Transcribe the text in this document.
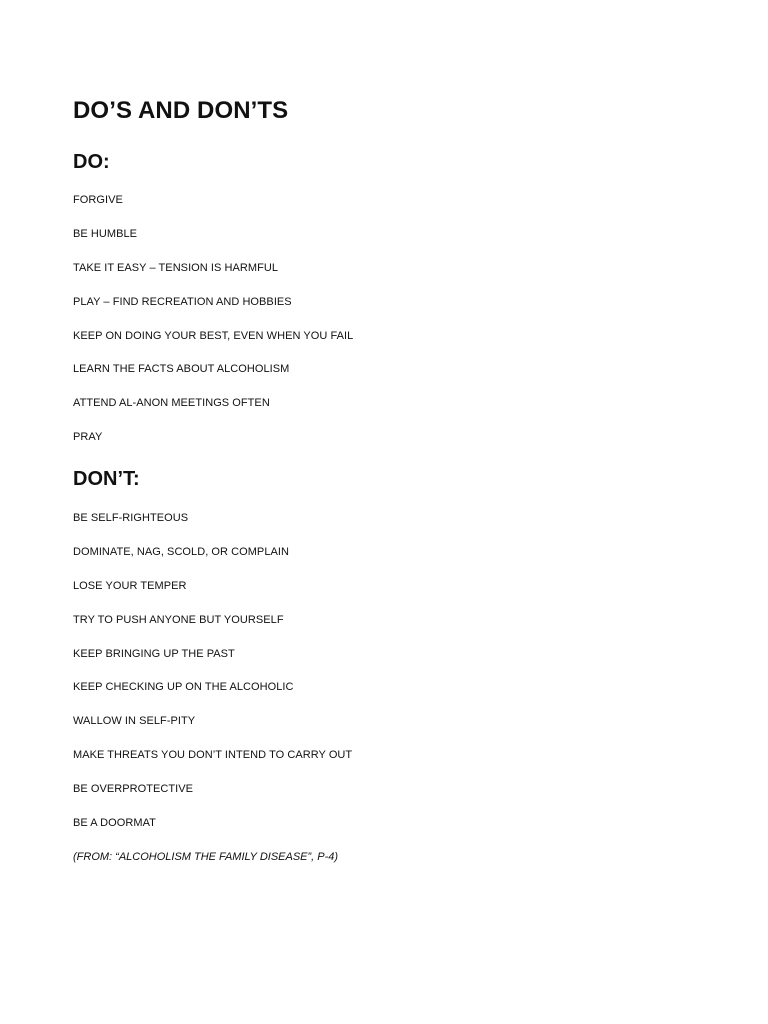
DO’S AND DON’TS
DO:
FORGIVE
BE HUMBLE
TAKE IT EASY – TENSION IS HARMFUL
PLAY – FIND RECREATION AND HOBBIES
KEEP ON DOING YOUR BEST, EVEN WHEN YOU FAIL
LEARN THE FACTS ABOUT ALCOHOLISM
ATTEND AL-ANON MEETINGS OFTEN
PRAY
DON’T:
BE SELF-RIGHTEOUS
DOMINATE, NAG, SCOLD, OR COMPLAIN
LOSE YOUR TEMPER
TRY TO PUSH ANYONE BUT YOURSELF
KEEP BRINGING UP THE PAST
KEEP CHECKING UP ON THE ALCOHOLIC
WALLOW IN SELF-PITY
MAKE THREATS YOU DON’T INTEND TO CARRY OUT
BE OVERPROTECTIVE
BE A DOORMAT

(FROM: “ALCOHOLISM THE FAMILY DISEASE”, P-4)
